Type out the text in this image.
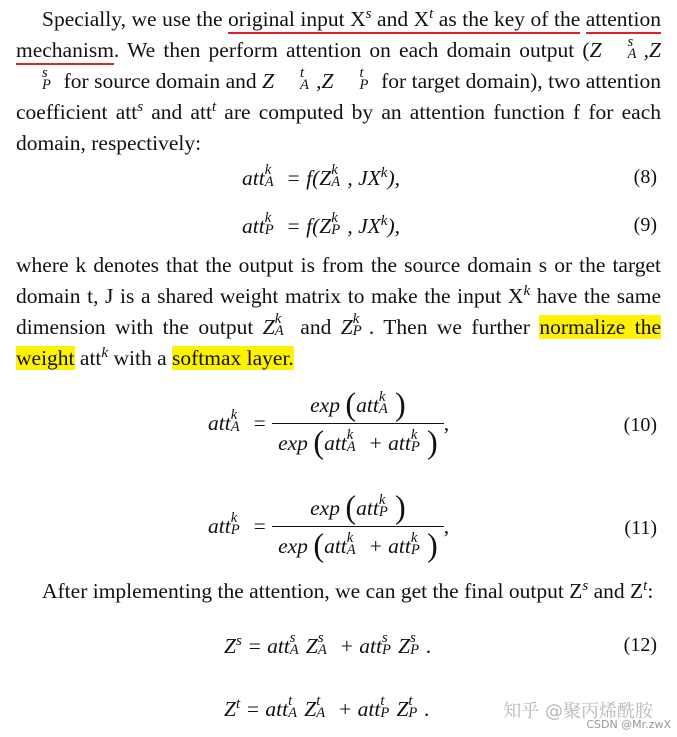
Specially, we use the original input $X^s$ and $X^t$ as the key of the attention mechanism. We then perform attention on each domain output (Z	s
A ,Z
s
P for source domain and Z	t
A ,Z	t
P for target domain), two attention coefficient att$^s$ and att$^t$ are computed by an attention function f for each domain, respectively:

att k
A = f(Z k
A , $JX^k$),	(8)
att k
P = f(Z k
P , $JX^k$),	(9)

where k denotes that the output is from the source domain s or the target domain t, J is a shared weight matrix to make the input $X^k$ have the same dimension with the output Z k
A and Z k
P . Then we further normalize the weight att$^k$ with a softmax layer.

att k
A = exp (att k
A )
exp (att k
A + att k
P ) ,	(10)
att k
P = exp (att k
P )
exp (att k
A + att k
P ) ,	(11)

After implementing the attention, we can get the final output $Z^s$ and $Z^t$:

$Z^s$ = att s
A Z s
A + att s
P Z s
P .	(12)
$Z^t$ = att t
A Z t
A + att t
P Z t
P .	知乎 @聚丙烯酰胺
CSDN @Mr.zwX
